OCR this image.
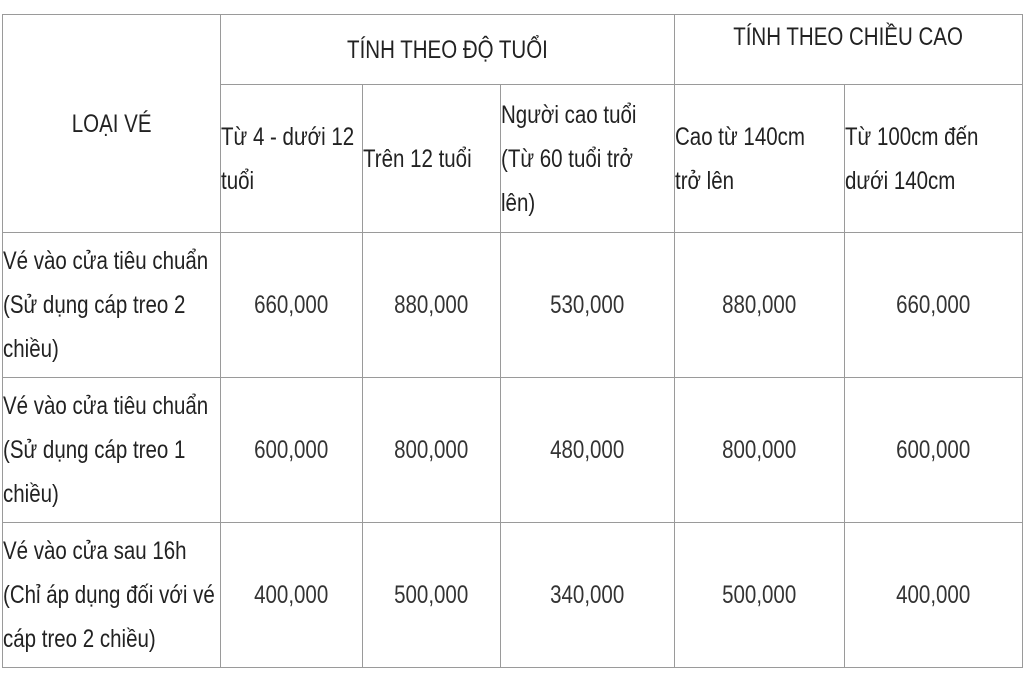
LOẠI VÉ	TÍNH THEO ĐỘ TUỔI			TÍNH THEO CHIỀU CAO	
	Từ 4 - dưới 12 tuổi	Trên 12 tuổi	Người cao tuổi (Từ 60 tuổi trở lên)	Cao từ 140cm trở lên	Từ 100cm đến dưới 140cm
Vé vào cửa tiêu chuẩn (Sử dụng cáp treo 2 chiều)	660,000	880,000	530,000	880,000	660,000
Vé vào cửa tiêu chuẩn (Sử dụng cáp treo 1 chiều)	600,000	800,000	480,000	800,000	600,000
Vé vào cửa sau 16h (Chỉ áp dụng đối với vé cáp treo 2 chiều)	400,000	500,000	340,000	500,000	400,000
